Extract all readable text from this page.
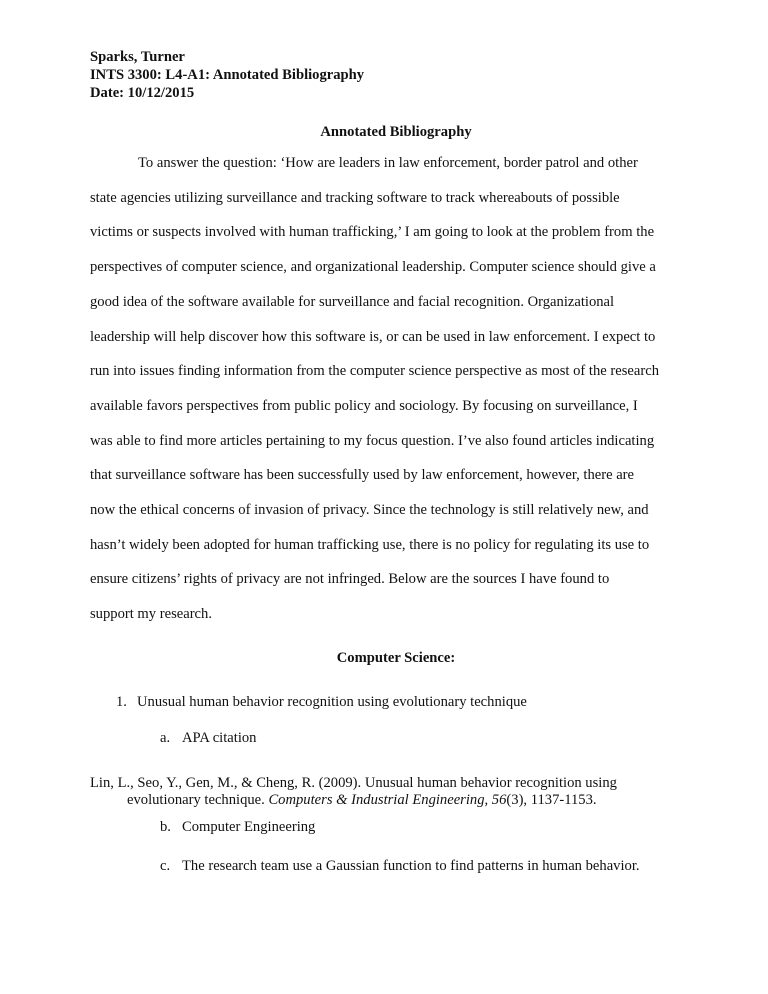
Sparks, Turner
INTS 3300: L4-A1: Annotated Bibliography
Date: 10/12/2015
Annotated Bibliography
To answer the question: ‘How are leaders in law enforcement, border patrol and other
state agencies utilizing surveillance and tracking software to track whereabouts of possible
victims or suspects involved with human trafficking,’ I am going to look at the problem from the
perspectives of computer science, and organizational leadership. Computer science should give a
good idea of the software available for surveillance and facial recognition. Organizational
leadership will help discover how this software is, or can be used in law enforcement. I expect to
run into issues finding information from the computer science perspective as most of the research
available favors perspectives from public policy and sociology. By focusing on surveillance, I
was able to find more articles pertaining to my focus question. I’ve also found articles indicating
that surveillance software has been successfully used by law enforcement, however, there are
now the ethical concerns of invasion of privacy. Since the technology is still relatively new, and
hasn’t widely been adopted for human trafficking use, there is no policy for regulating its use to
ensure citizens’ rights of privacy are not infringed. Below are the sources I have found to
support my research.
Computer Science:
1. Unusual human behavior recognition using evolutionary technique
a. APA citation
Lin, L., Seo, Y., Gen, M., & Cheng, R. (2009). Unusual human behavior recognition using
evolutionary technique. Computers & Industrial Engineering, 56(3), 1137-1153.
b. Computer Engineering
c. The research team use a Gaussian function to find patterns in human behavior.
